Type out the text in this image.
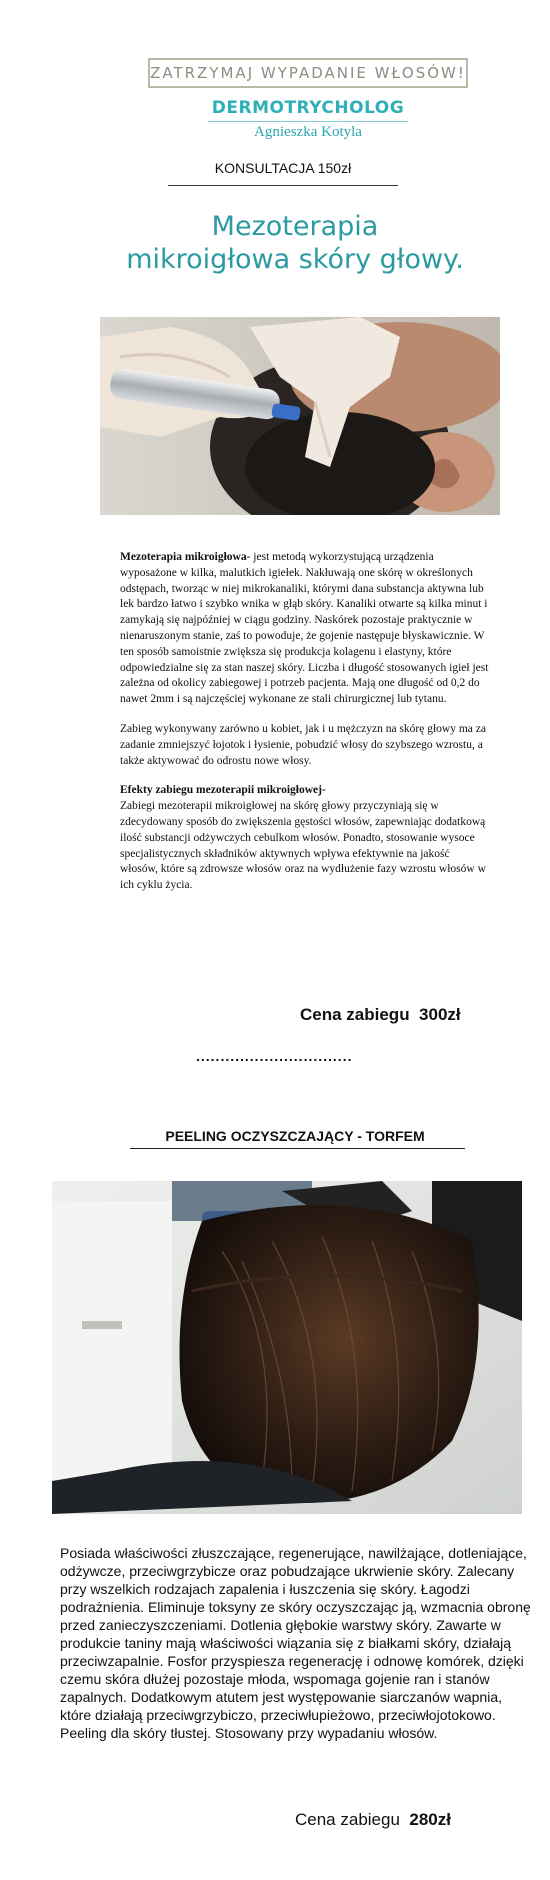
ZATRZYMAJ WYPADANIE WŁOSÓW!
DERMOTRYCHOLOG
Agnieszka Kotyla
KONSULTACJA 150zł
Mezoterapia
mikroigłowa skóry głowy.

Mezoterapia mikroigłowa- jest metodą wykorzystującą urządzenia wyposażone w kilka, malutkich igiełek. Nakłuwają one skórę w określonych odstępach, tworząc w niej mikrokanaliki, którymi dana substancja aktywna lub lek bardzo łatwo i szybko wnika w głąb skóry. Kanaliki otwarte są kilka minut i zamykają się najpóźniej w ciągu godziny. Naskórek pozostaje praktycznie w nienaruszonym stanie, zaś to powoduje, że gojenie następuje błyskawicznie. W ten sposób samoistnie zwiększa się produkcja kolagenu i elastyny, które odpowiedzialne się za stan naszej skóry. Liczba i długość stosowanych igieł jest zależna od okolicy zabiegowej i potrzeb pacjenta. Mają one długość od 0,2 do nawet 2mm i są najczęściej wykonane ze stali chirurgicznej lub tytanu.

Zabieg wykonywany zarówno u kobiet, jak i u mężczyzn na skórę głowy ma za zadanie zmniejszyć łojotok i łysienie, pobudzić włosy do szybszego wzrostu, a także aktywować do odrostu nowe włosy.

Efekty zabiegu mezoterapii mikroigłowej-
Zabiegi mezoterapii mikroigłowej na skórę głowy przyczyniają się w zdecydowany sposób do zwiększenia gęstości włosów, zapewniając dodatkową ilość substancji odżywczych cebulkom włosów. Ponadto, stosowanie wysoce specjalistycznych składników aktywnych wpływa efektywnie na jakość włosów, które są zdrowsze włosów oraz na wydłużenie fazy wzrostu włosów w ich cyklu życia.

Cena zabiegu 300zł
................................
PEELING OCZYSZCZAJĄCY - TORFEM
Posiada właściwości złuszczające, regenerujące, nawilżające, dotleniające, odżywcze, przeciwgrzybicze oraz pobudzające ukrwienie skóry. Zalecany przy wszelkich rodzajach zapalenia i łuszczenia się skóry. Łagodzi podrażnienia. Eliminuje toksyny ze skóry oczyszczając ją, wzmacnia obronę przed zanieczyszczeniami. Dotlenia głębokie warstwy skóry. Zawarte w produkcie taniny mają właściwości wiązania się z białkami skóry, działają przeciwzapalnie. Fosfor przyspiesza regenerację i odnowę komórek, dzięki czemu skóra dłużej pozostaje młoda, wspomaga gojenie ran i stanów zapalnych. Dodatkowym atutem jest występowanie siarczanów wapnia, które działają przeciwgrzybiczo, przeciwłupieżowo, przeciwłojotokowo. Peeling dla skóry tłustej. Stosowany przy wypadaniu włosów.
Cena zabiegu 280zł
